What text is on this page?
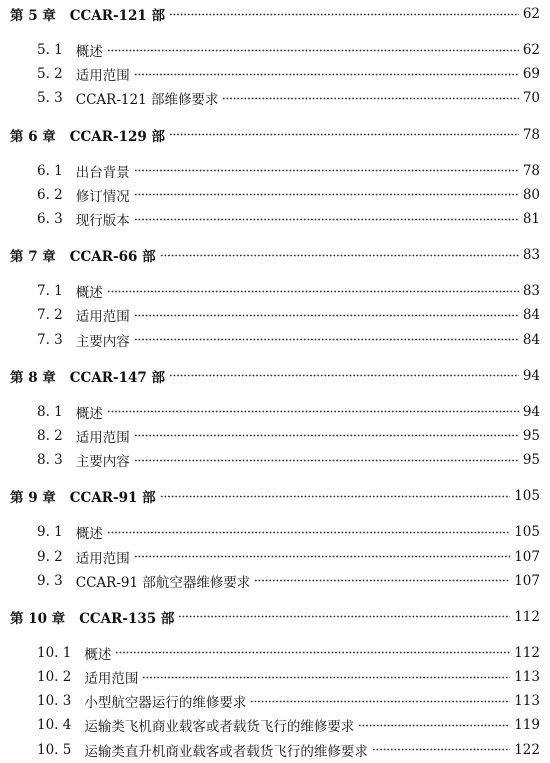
第 5 章 CCAR-121 部	62
5. 1 概述	62
5. 2 适用范围	69
5. 3 CCAR-121 部维修要求	70
第 6 章 CCAR-129 部	78
6. 1 出台背景	78
6. 2 修订情况	80
6. 3 现行版本	81
第 7 章 CCAR-66 部	83
7. 1 概述	83
7. 2 适用范围	84
7. 3 主要内容	84
第 8 章 CCAR-147 部	94
8. 1 概述	94
8. 2 适用范围	95
8. 3 主要内容	95
第 9 章 CCAR-91 部	105
9. 1 概述	105
9. 2 适用范围	107
9. 3 CCAR-91 部航空器维修要求	107
第 10 章 CCAR-135 部	112
10. 1 概述	112
10. 2 适用范围	113
10. 3 小型航空器运行的维修要求	113
10. 4 运输类飞机商业载客或者载货飞行的维修要求	119
10. 5 运输类直升机商业载客或者载货飞行的维修要求	122
